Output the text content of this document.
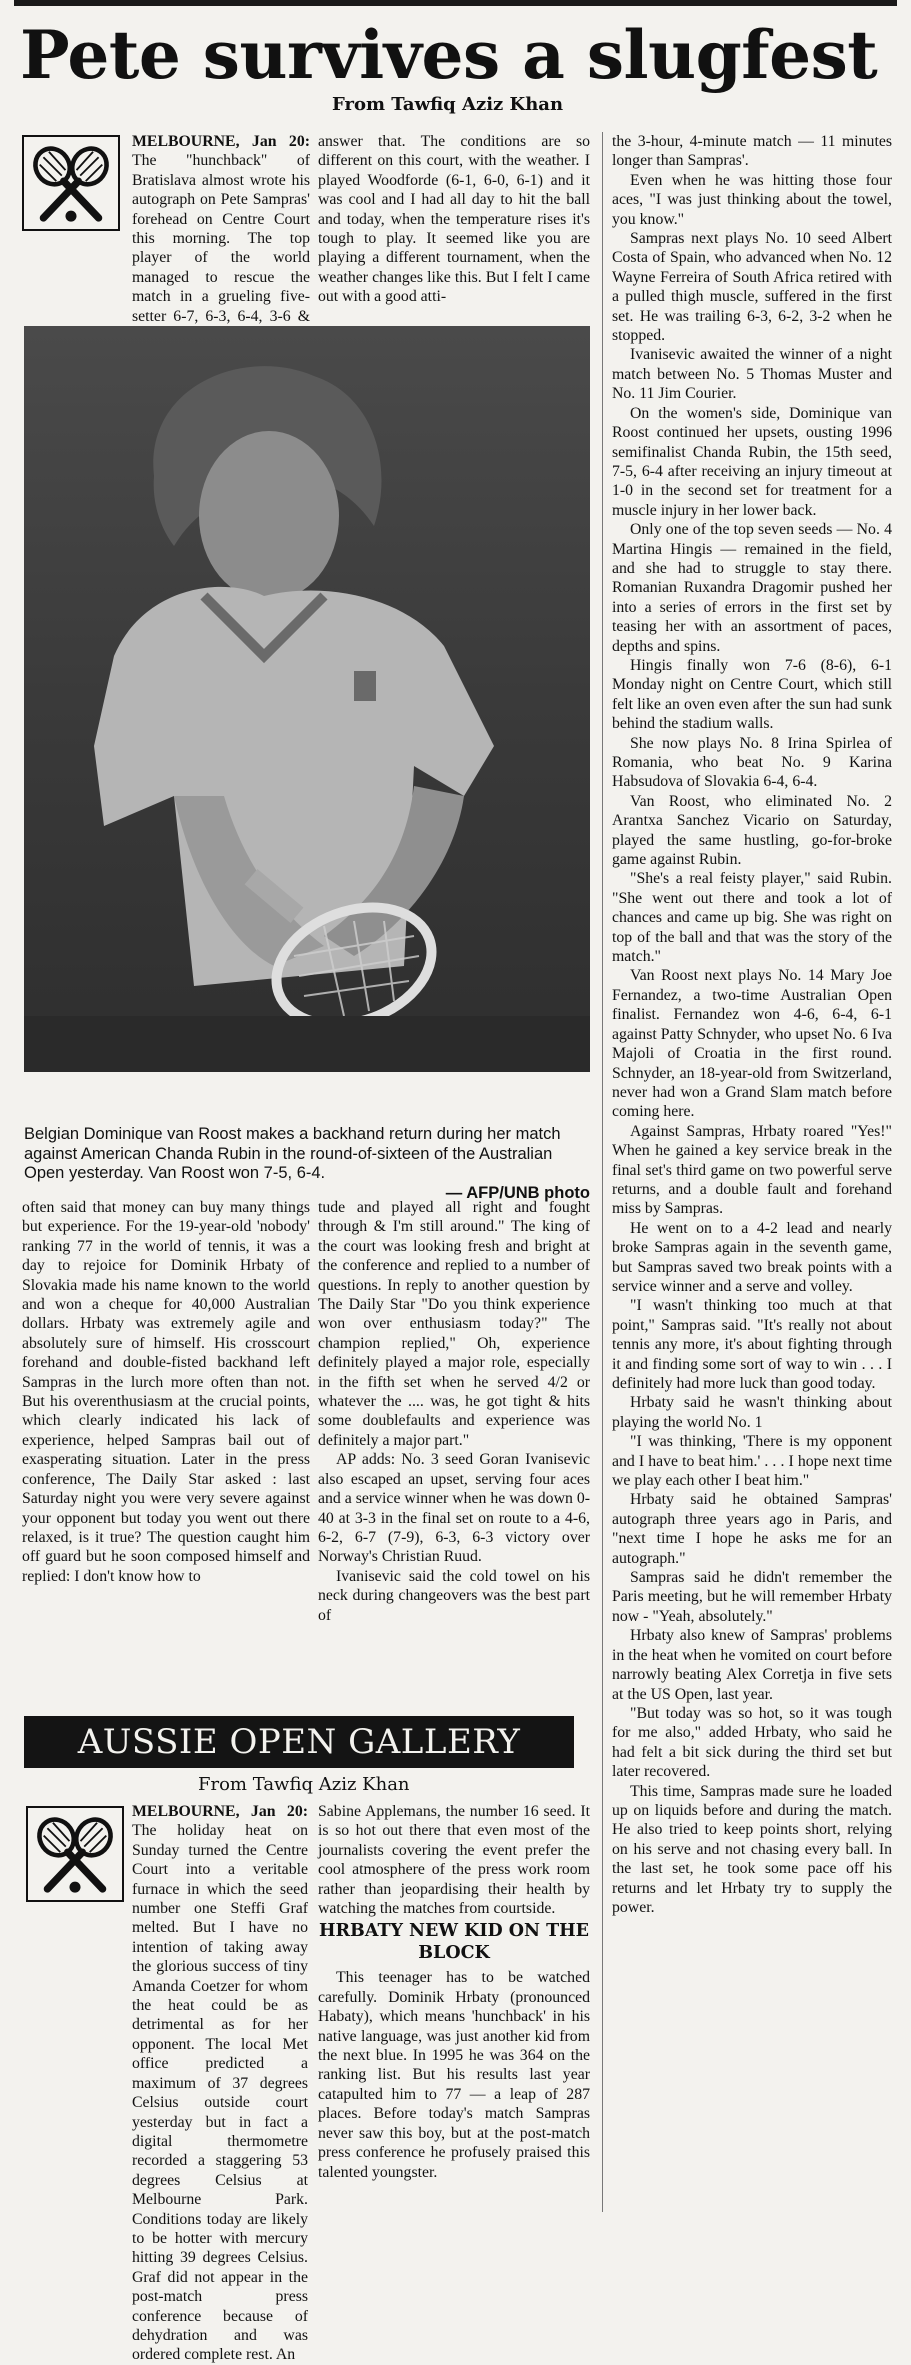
Pete survives a slugfest
From Tawfiq Aziz Khan

MELBOURNE, Jan 20: The "hunchback" of Bratislava almost wrote his autograph on Pete Sampras' forehead on Centre Court this morning. The top player of the world managed to rescue the match in a grueling five-setter 6-7, 6-3, 6-4, 3-6 &

answer that. The conditions are so different on this court, with the weather. I played Woodforde (6-1, 6-0, 6-1) and it was cool and I had all day to hit the ball and today, when the temperature rises it's tough to play. It seemed like you are playing a different tournament, when the weather changes like this. But I felt I came out with a good atti-

Belgian Dominique van Roost makes a backhand return during her match against American Chanda Rubin in the round-of-sixteen of the Australian Open yesterday. Van Roost won 7-5, 6-4.
— AFP/UNB photo

the 3-hour, 4-minute match — 11 minutes longer than Sampras'.

Even when he was hitting those four aces, "I was just thinking about the towel, you know."

Sampras next plays No. 10 seed Albert Costa of Spain, who advanced when No. 12 Wayne Ferreira of South Africa retired with a pulled thigh muscle, suffered in the first set. He was trailing 6-3, 6-2, 3-2 when he stopped.

Ivanisevic awaited the winner of a night match between No. 5 Thomas Muster and No. 11 Jim Courier.

On the women's side, Dominique van Roost continued her upsets, ousting 1996 semifinalist Chanda Rubin, the 15th seed, 7-5, 6-4 after receiving an injury timeout at 1-0 in the second set for treatment for a muscle injury in her lower back.

Only one of the top seven seeds — No. 4 Martina Hingis — remained in the field, and she had to struggle to stay there. Romanian Ruxandra Dragomir pushed her into a series of errors in the first set by teasing her with an assortment of paces, depths and spins.

Hingis finally won 7-6 (8-6), 6-1 Monday night on Centre Court, which still felt like an oven even after the sun had sunk behind the stadium walls.

She now plays No. 8 Irina Spirlea of Romania, who beat No. 9 Karina Habsudova of Slovakia 6-4, 6-4.

Van Roost, who eliminated No. 2 Arantxa Sanchez Vicario on Saturday, played the same hustling, go-for-broke game against Rubin.

"She's a real feisty player," said Rubin. "She went out there and took a lot of chances and came up big. She was right on top of the ball and that was the story of the match."

Van Roost next plays No. 14 Mary Joe Fernandez, a two-time Australian Open finalist. Fernandez won 4-6, 6-4, 6-1 against Patty Schnyder, who upset No. 6 Iva Majoli of Croatia in the first round. Schnyder, an 18-year-old from Switzerland, never had won a Grand Slam match before coming here.

Against Sampras, Hrbaty roared "Yes!" When he gained a key service break in the final set's third game on two powerful serve returns, and a double fault and forehand miss by Sampras.

He went on to a 4-2 lead and nearly broke Sampras again in the seventh game, but Sampras saved two break points with a service winner and a serve and volley.

"I wasn't thinking too much at that point," Sampras said. "It's really not about tennis any more, it's about fighting through it and finding some sort of way to win . . . I definitely had more luck than good today.

Hrbaty said he wasn't thinking about playing the world No. 1

"I was thinking, 'There is my opponent and I have to beat him.' . . . I hope next time we play each other I beat him."

Hrbaty said he obtained Sampras' autograph three years ago in Paris, and "next time I hope he asks me for an autograph."

Sampras said he didn't remember the Paris meeting, but he will remember Hrbaty now - "Yeah, absolutely."

Hrbaty also knew of Sampras' problems in the heat when he vomited on court before narrowly beating Alex Corretja in five sets at the US Open, last year.

"But today was so hot, so it was tough for me also," added Hrbaty, who said he had felt a bit sick during the third set but later recovered.

This time, Sampras made sure he loaded up on liquids before and during the match. He also tried to keep points short, relying on his serve and not chasing every ball. In the last set, he took some pace off his returns and let Hrbaty try to supply the power.

often said that money can buy many things but experience. For the 19-year-old 'nobody' ranking 77 in the world of tennis, it was a day to rejoice for Dominik Hrbaty of Slovakia made his name known to the world and won a cheque for 40,000 Australian dollars. Hrbaty was extremely agile and absolutely sure of himself. His crosscourt forehand and double-fisted backhand left Sampras in the lurch more often than not. But his overenthusiasm at the crucial points, which clearly indicated his lack of experience, helped Sampras bail out of exasperating situation. Later in the press conference, The Daily Star asked : last Saturday night you were very severe against your opponent but today you went out there relaxed, is it true? The question caught him off guard but he soon composed himself and replied: I don't know how to

tude and played all right and fought through & I'm still around." The king of the court was looking fresh and bright at the conference and replied to a number of questions. In reply to another question by The Daily Star "Do you think experience won over enthusiasm today?" The champion replied," Oh, experience definitely played a major role, especially in the fifth set when he served 4/2 or whatever the .... was, he got tight & hits some doublefaults and experience was definitely a major part."

AP adds: No. 3 seed Goran Ivanisevic also escaped an upset, serving four aces and a service winner when he was down 0-40 at 3-3 in the final set on route to a 4-6, 6-2, 6-7 (7-9), 6-3, 6-3 victory over Norway's Christian Ruud.

Ivanisevic said the cold towel on his neck during changeovers was the best part of

AUSSIE OPEN GALLERY
From Tawfiq Aziz Khan

MELBOURNE, Jan 20: The holiday heat on Sunday turned the Centre Court into a veritable furnace in which the seed number one Steffi Graf melted. But I have no intention of taking away the glorious success of tiny Amanda Coetzer for whom the heat could be as detrimental as for her opponent. The local Met office predicted a maximum of 37 degrees Celsius outside court yesterday but in fact a digital thermometre recorded a staggering 53 degrees Celsius at Melbourne Park. Conditions today are likely to be hotter with mercury hitting 39 degrees Celsius. Graf did not appear in the post-match press conference because of dehydration and was ordered complete rest. An

Sabine Applemans, the number 16 seed. It is so hot out there that even most of the journalists covering the event prefer the cool atmosphere of the press work room rather than jeopardising their health by watching the matches from courtside.

HRBATY NEW KID ON THE BLOCK

This teenager has to be watched carefully. Dominik Hrbaty (pronounced Habaty), which means 'hunchback' in his native language, was just another kid from the next blue. In 1995 he was 364 on the ranking list. But his results last year catapulted him to 77 — a leap of 287 places. Before today's match Sampras never saw this boy, but at the post-match press conference he profusely praised this talented youngster.
